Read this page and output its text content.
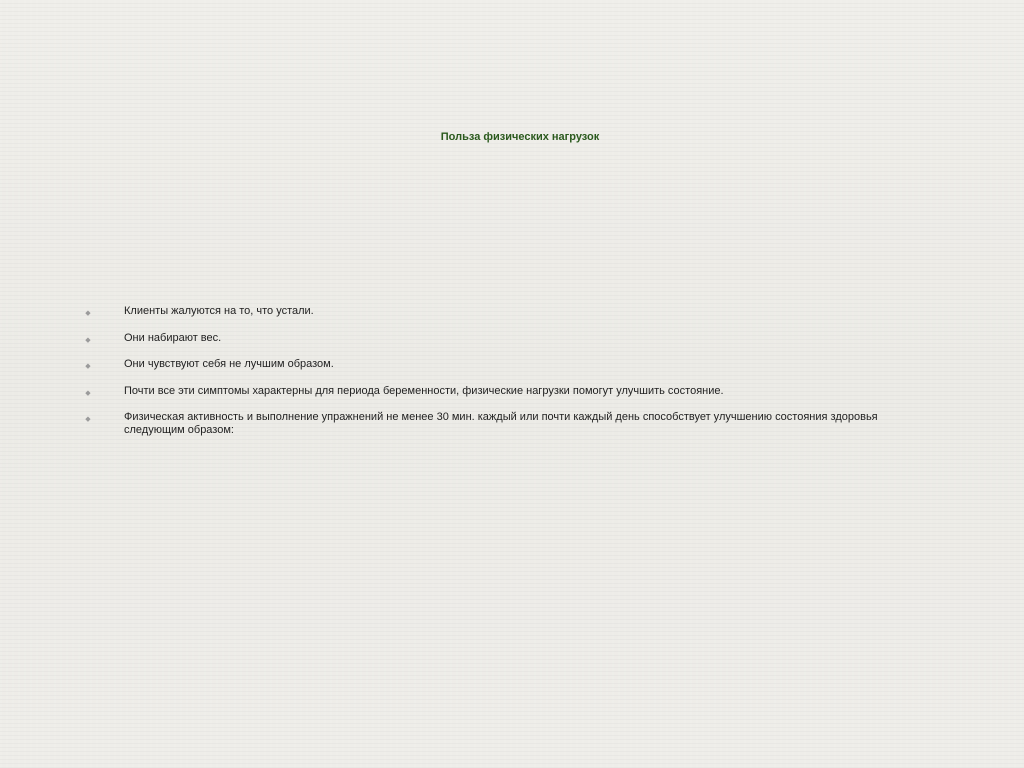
Польза физических нагрузок
◆	Клиенты жалуются на то, что устали.
◆	Они набирают вес.
◆	Они чувствуют себя не лучшим образом.
◆	Почти все эти симптомы характерны для периода беременности, физические нагрузки помогут улучшить состояние.
◆	Физическая активность и выполнение упражнений не менее 30 мин. каждый или почти каждый день способствует улучшению состояния здоровья следующим образом:
